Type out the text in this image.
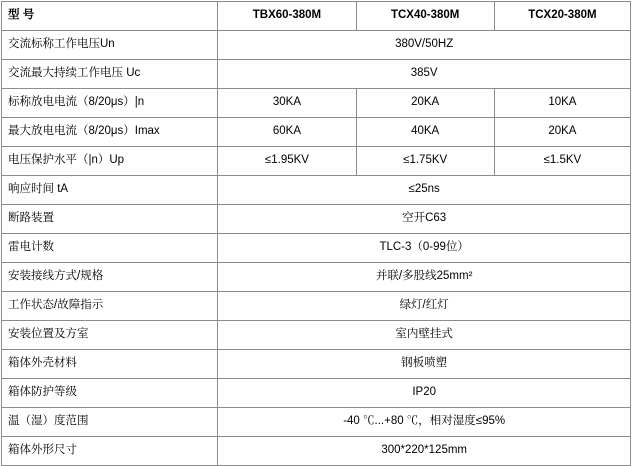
型 号	TBX60-380M	TCX40-380M	TCX20-380M
交流标称工作电压Un	380V/50HZ		
交流最大持续工作电压 Uc	385V		
标称放电电流（8/20μs）|n	30KA	20KA	10KA
最大放电电流（8/20μs）Imax	60KA	40KA	20KA
电压保护水平（|n）Up	≤1.95KV	≤1.75KV	≤1.5KV
响应时间 tA	≤25ns		
断路装置	空开C63		
雷电计数	TLC-3（0-99位）		
安装接线方式/规格	并联/多股线25mm²		
工作状态/故障指示	绿灯/红灯		
安装位置及方室	室内壁挂式		
箱体外壳材料	钢板喷塑		
箱体防护等级	IP20		
温（湿）度范围	-40 ℃...+80 ℃，相对湿度≤95%		
箱体外形尺寸	300*220*125mm		
